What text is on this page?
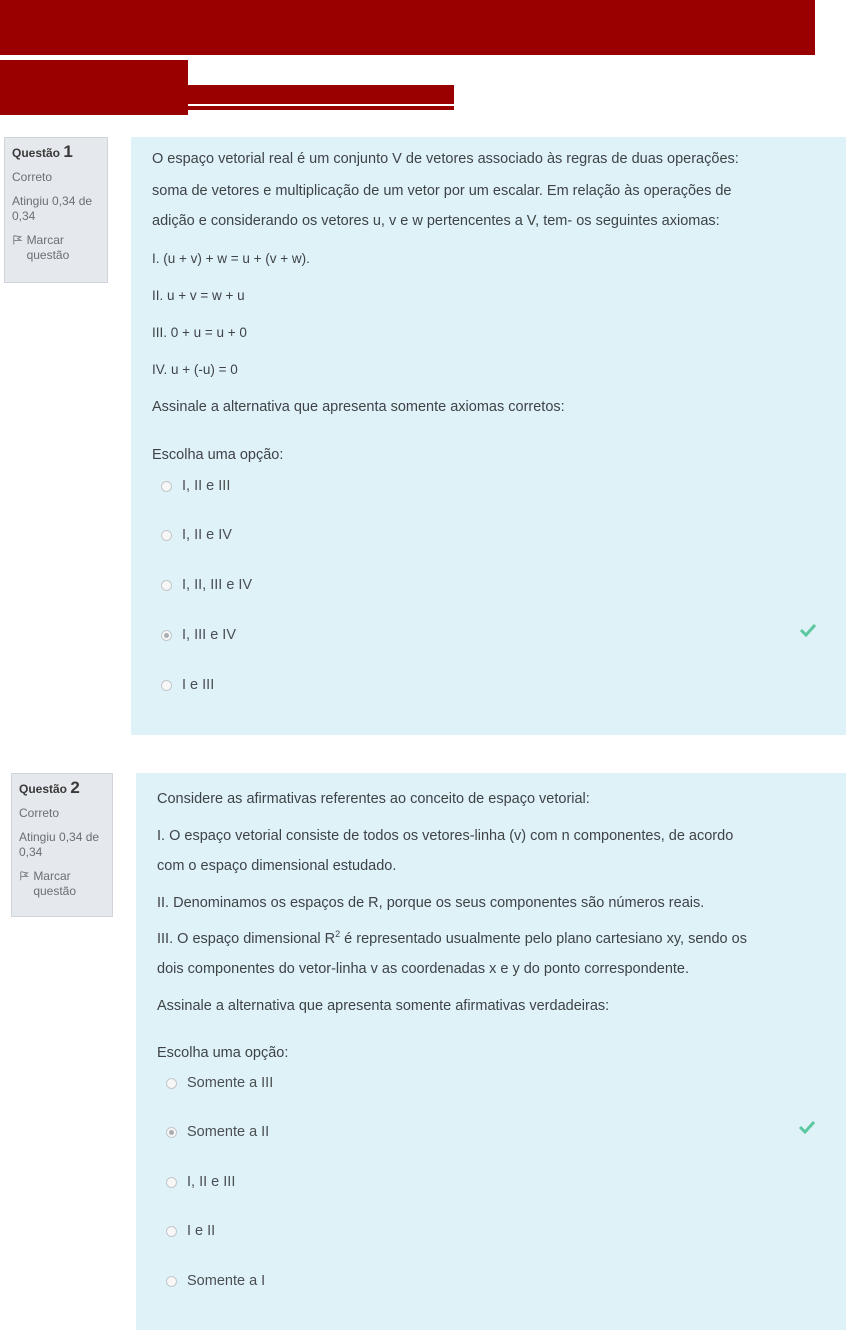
Questão 1
Correto
Atingiu 0,34 de 0,34
Marcar questão

O espaço vetorial real é um conjunto V de vetores associado às regras de duas operações:

soma de vetores e multiplicação de um vetor por um escalar. Em relação às operações de

adição e considerando os vetores u, v e w pertencentes a V, tem- os seguintes axiomas:

I. (u + v) + w = u + (v + w).

II. u + v = w + u

III. 0 + u = u + 0

IV. u + (-u) = 0

Assinale a alternativa que apresenta somente axiomas corretos:

Escolha uma opção:

I, II e III
I, II e IV
I, II, III e IV
I, III e IV
I e III
Questão 2
Correto
Atingiu 0,34 de 0,34
Marcar questão

Considere as afirmativas referentes ao conceito de espaço vetorial:

I. O espaço vetorial consiste de todos os vetores-linha (v) com n componentes, de acordo

com o espaço dimensional estudado.

II. Denominamos os espaços de R, porque os seus componentes são números reais.

III. O espaço dimensional $R^2$ é representado usualmente pelo plano cartesiano xy, sendo os

dois componentes do vetor-linha v as coordenadas x e y do ponto correspondente.

Assinale a alternativa que apresenta somente afirmativas verdadeiras:

Escolha uma opção:

Somente a III
Somente a II
I, II e III
I e II
Somente a I
